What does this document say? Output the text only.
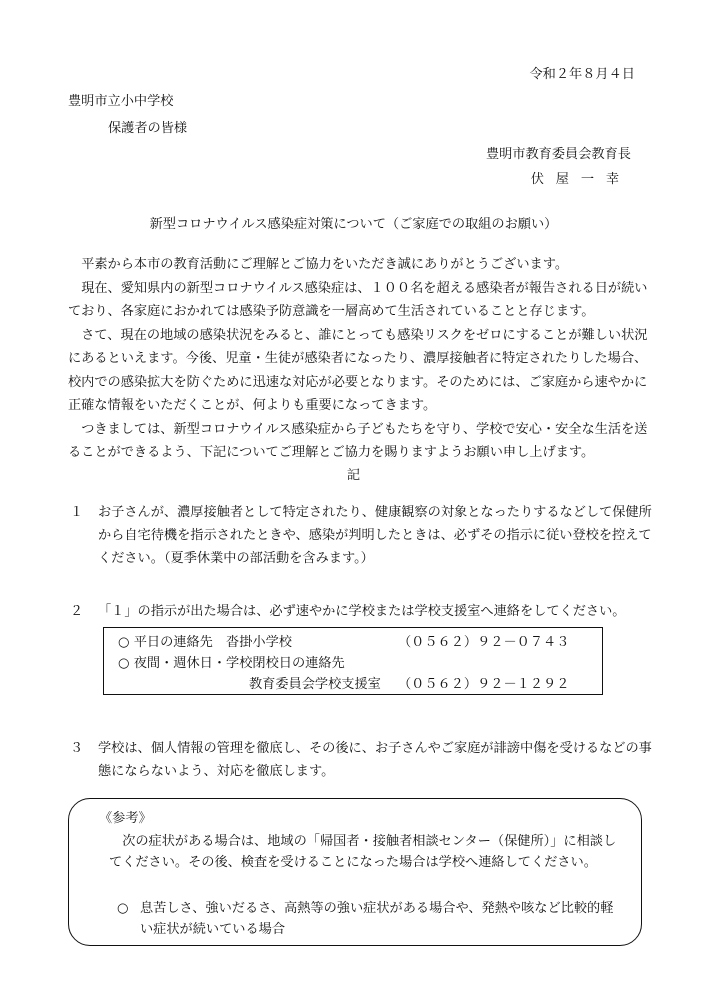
令和２年８月４日
豊明市立小中学校
保護者の皆様
豊明市教育委員会教育長
伏屋一幸
新型コロナウイルス感染症対策について（ご家庭での取組のお願い）
平素から本市の教育活動にご理解とご協力をいただき誠にありがとうございます。
現在、愛知県内の新型コロナウイルス感染症は、１００名を超える感染者が報告される日が続いており、各家庭におかれては感染予防意識を一層高めて生活されていることと存じます。
さて、現在の地域の感染状況をみると、誰にとっても感染リスクをゼロにすることが難しい状況にあるといえます。今後、児童・生徒が感染者になったり、濃厚接触者に特定されたりした場合、校内での感染拡大を防ぐために迅速な対応が必要となります。そのためには、ご家庭から速やかに正確な情報をいただくことが、何よりも重要になってきます。
つきましては、新型コロナウイルス感染症から子どもたちを守り、学校で安心・安全な生活を送ることができるよう、下記についてご理解とご協力を賜りますようお願い申し上げます。
記
１ お子さんが、濃厚接触者として特定されたり、健康観察の対象となったりするなどして保健所から自宅待機を指示されたときや、感染が判明したときは、必ずその指示に従い登校を控えてください。（夏季休業中の部活動を含みます。）
２ 「１」の指示が出た場合は、必ず速やかに学校または学校支援室へ連絡をしてください。
○ 平日の連絡先　沓掛小学校	（０５６２）９２－０７４３
○ 夜間・週休日・学校閉校日の連絡先
教育委員会学校支援室 （０５６２）９２－１２９２
３ 学校は、個人情報の管理を徹底し、その後に、お子さんやご家庭が誹謗中傷を受けるなどの事態にならないよう、対応を徹底します。
《参考》
次の症状がある場合は、地域の「帰国者・接触者相談センター（保健所）」に相談してください。その後、検査を受けることになった場合は学校へ連絡してください。
○ 息苦しさ、強いだるさ、高熱等の強い症状がある場合や、発熱や咳など比較的軽い症状が続いている場合
